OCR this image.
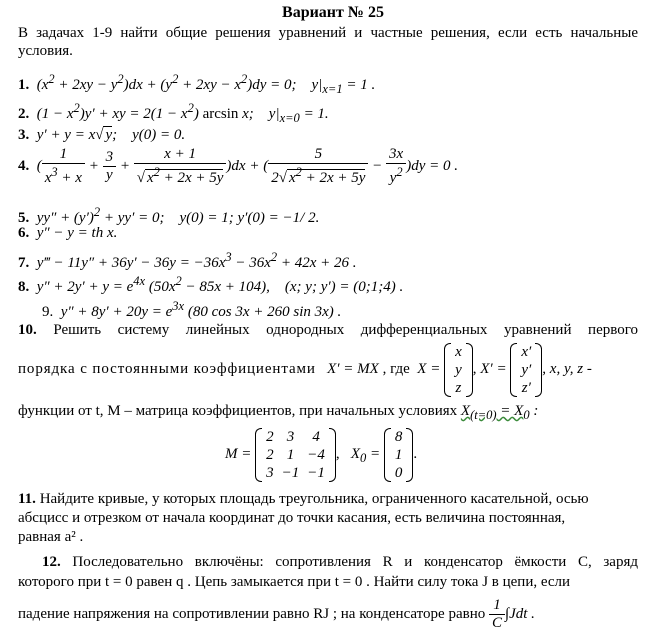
Вариант № 25
В задачах 1-9 найти общие решения уравнений и частные решения, если есть начальные условия.
1.  $(x^2 + 2xy - y^2)dx + (y^2 + 2xy - x^2)dy = 0$;    $y|_{x=1} = 1$ .
2.  $(1 - x^2)y'$ + xy = $2(1 - x^2)$ arcsin x;    $y|_{x=0} = 1$.
3.  y′ + y = x√ y;    y(0) = 0.
4.  ( $\frac{1}{x^3 + x} + \frac{3}{y} + \frac{x + 1}{√ x^2 + 2x + 5y} )dx$ + ( $\frac{5}{2√ x^2 + 2x + 5y} - \frac{3x}{y^2} )dy = 0$ .
5.  $yy'' + (y')^2 + yy' = 0$;    y(0) = 1; y′(0) = −1/ 2.
6.  y″ − y = th x.
7.  y‴ − $11y'' + 36y' - 36y = -36x^3 - 36x^2 + 42x + 26$ .
8.  $y'' + 2y' + y = e^{4x}$ $(50x^2 - 85x + 104)$,    (x; y; y′) = (0;1;4) .
9.  $y'' + 8y' + 20y = e^{3x}$ (80 cos 3x + 260 sin 3x) .
10. Решить систему линейных однородных дифференциальных уравнений первого
порядка с постоянными коэффициентами X′ = MX , где X =
x
y
z
, X′ =
x′
y′
z′
, x, y, z -
функции от t, M – матрица коэффициентов, при начальных условиях $X_{(t=0)} = X_0$ :
M =
2	3	4
2	1	−4
3	−1	−1
,   $X_0$ =
8
1
0
.
11. Найдите кривые, у которых площадь треугольника, ограниченного касательной, осью
абсцисс и отрезком от начала координат до точки касания, есть величина постоянная,
равная a² .
12. Последовательно включёны: сопротивления R и конденсатор ёмкости C, заряд
которого при t = 0 равен q . Цепь замыкается при t = 0 . Найти силу тока J в цепи, если
падение напряжения на сопротивлении равно RJ ; на конденсаторе равно $\frac{1}{C} \int Jdt$ .
